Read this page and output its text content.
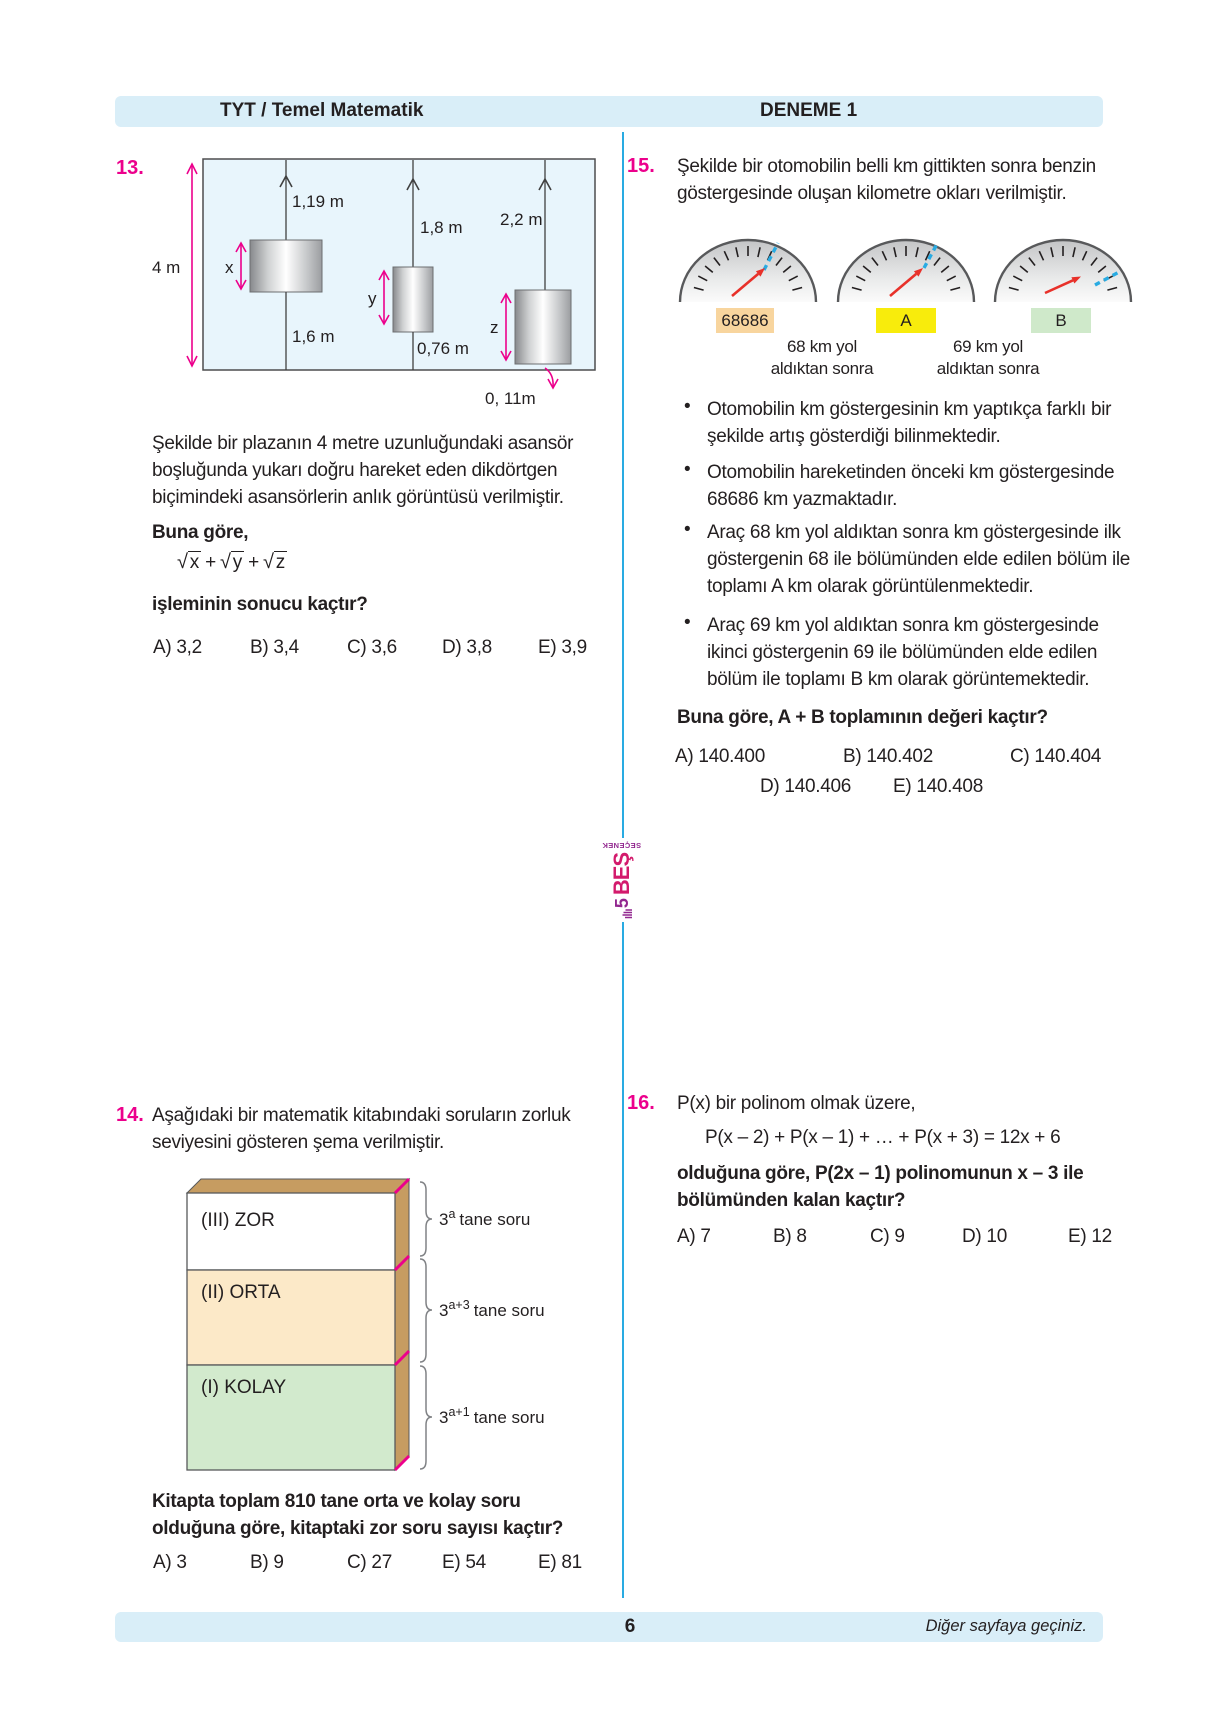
TYT / Temel Matematik	DENEME 1
5
BEŞ
SEÇENEK
13.
4 m
1,19 m
1,6 m
x
1,8 m
0,76 m
y
2,2 m
z
0, 11m
Şekilde bir plazanın 4 metre uzunluğundaki asansör boşluğunda yukarı doğru hareket eden dikdörtgen biçimindeki asansörlerin anlık görüntüsü verilmiştir.
Buna göre,
√ x + √ y + √ z
işleminin sonucu kaçtır?
A) 3,2	B) 3,4	C) 3,6 D) 3,8 E) 3,9
14. Aşağıdaki bir matematik kitabındaki soruların zorluk seviyesini gösteren şema verilmiştir.
(III) ZOR
(II) ORTA
(I) KOLAY
3$^a$ tane soru
$3^{a+3}$ tane soru
$3^{a+1}$ tane soru
Kitapta toplam 810 tane orta ve kolay soru olduğuna göre, kitaptaki zor soru sayısı kaçtır?
A) 3	B) 9	C) 27	E) 54	E) 81
15. Şekilde bir otomobilin belli km gittikten sonra benzin göstergesinde oluşan kilometre okları verilmiştir.
68686	A	B
68 km yol
aldıktan sonra
69 km yol
aldıktan sonra
• Otomobilin km göstergesinin km yaptıkça farklı bir şekilde artış gösterdiği bilinmektedir.
• Otomobilin hareketinden önceki km göstergesinde 68686 km yazmaktadır.
• Araç 68 km yol aldıktan sonra km göstergesinde ilk göstergenin 68 ile bölümünden elde edilen bölüm ile toplamı A km olarak görüntülenmektedir.
• Araç 69 km yol aldıktan sonra km göstergesinde ikinci göstergenin 69 ile bölümünden elde edilen bölüm ile toplamı B km olarak görüntemektedir.
Buna göre, A + B toplamının değeri kaçtır?
A) 140.400	B) 140.402	C) 140.404
D) 140.406 E) 140.408
16. P(x) bir polinom olmak üzere,
P(x – 2) + P(x – 1) + … + P(x + 3) = 12x + 6
olduğuna göre, P(2x – 1) polinomunun x – 3 ile bölümünden kalan kaçtır?
A) 7	B) 8	C) 9	D) 10	E) 12
6	Diğer sayfaya geçiniz.
